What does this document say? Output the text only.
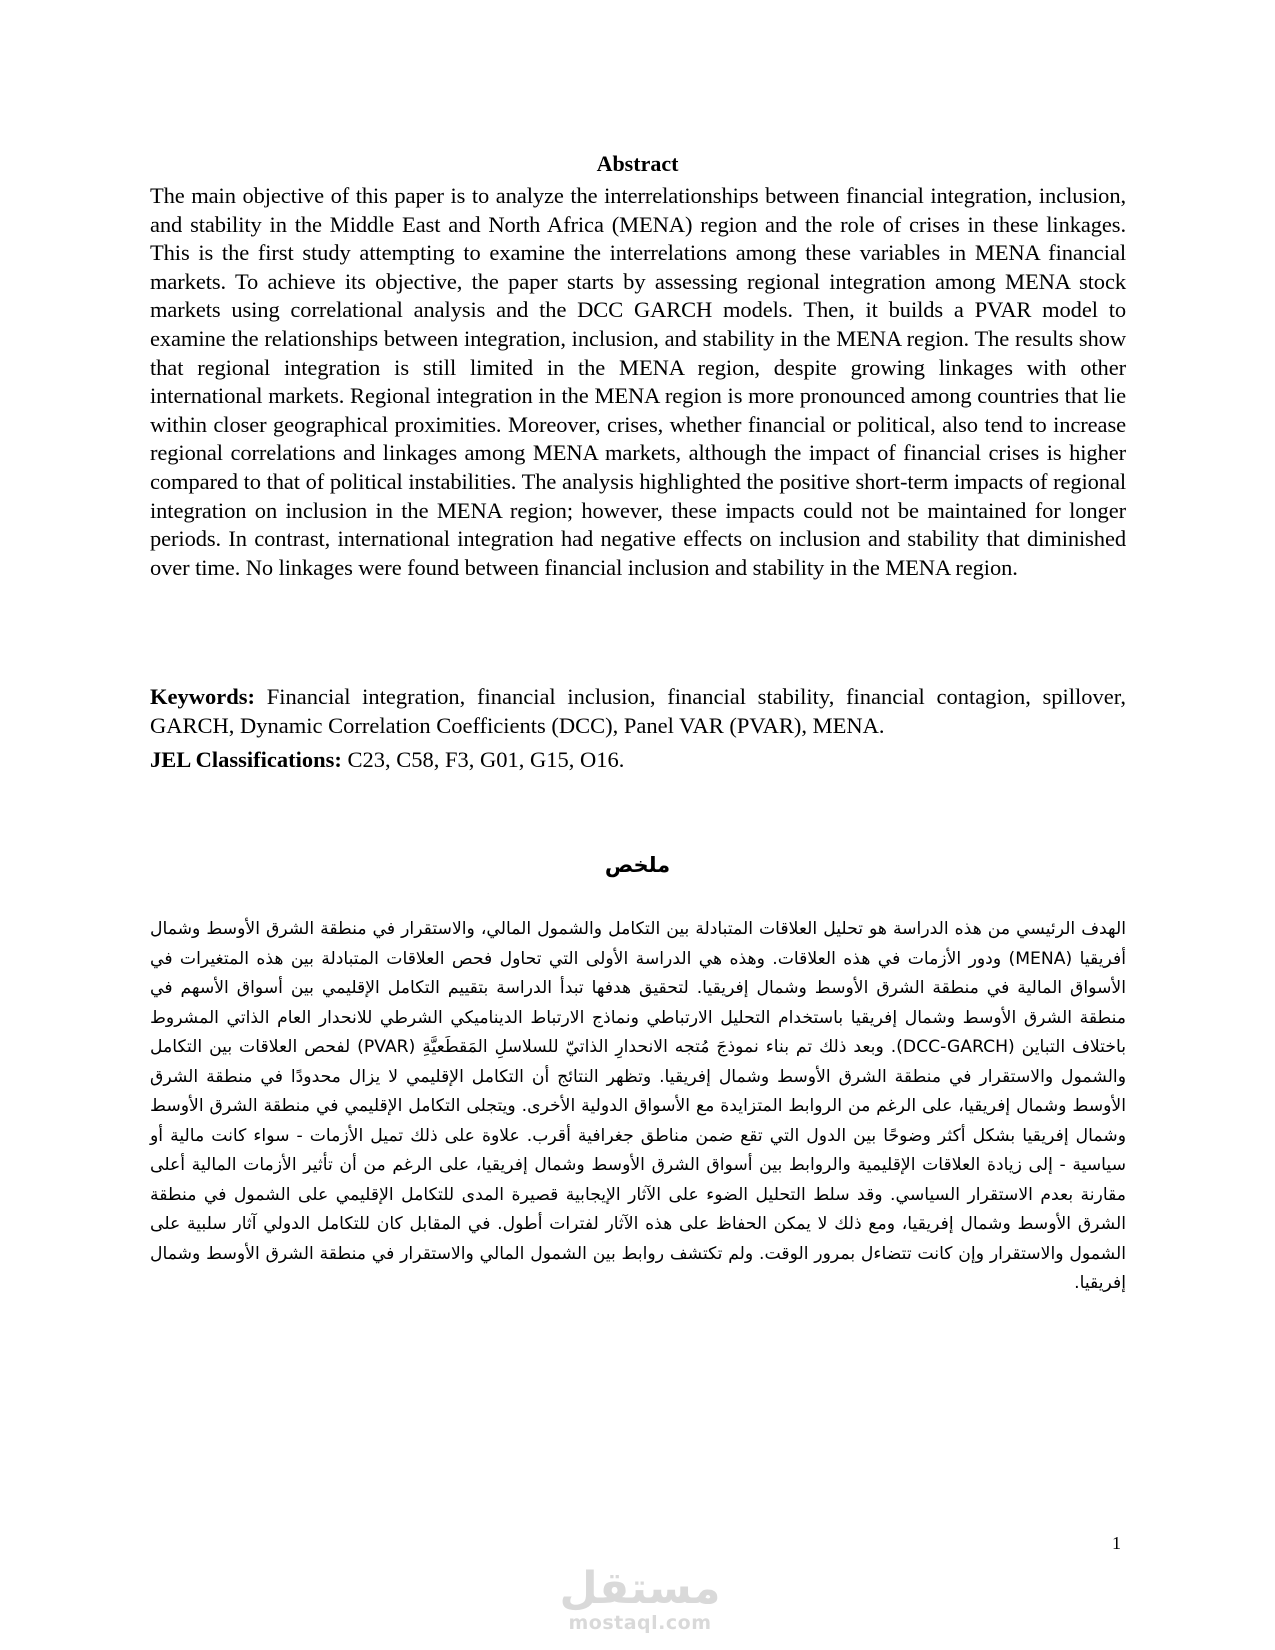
Abstract

The main objective of this paper is to analyze the interrelationships between financial integration, inclusion, and stability in the Middle East and North Africa (MENA) region and the role of crises in these linkages. This is the first study attempting to examine the interrelations among these variables in MENA financial markets. To achieve its objective, the paper starts by assessing regional integration among MENA stock markets using correlational analysis and the DCC GARCH models. Then, it builds a PVAR model to examine the relationships between integration, inclusion, and stability in the MENA region. The results show that regional integration is still limited in the MENA region, despite growing linkages with other international markets. Regional integration in the MENA region is more pronounced among countries that lie within closer geographical proximities. Moreover, crises, whether financial or political, also tend to increase regional correlations and linkages among MENA markets, although the impact of financial crises is higher compared to that of political instabilities. The analysis highlighted the positive short-term impacts of regional integration on inclusion in the MENA region; however, these impacts could not be maintained for longer periods. In contrast, international integration had negative effects on inclusion and stability that diminished over time. No linkages were found between financial inclusion and stability in the MENA region.

Keywords: Financial integration, financial inclusion, financial stability, financial contagion, spillover, GARCH, Dynamic Correlation Coefficients (DCC), Panel VAR (PVAR), MENA.

JEL Classifications: C23, C58, F3, G01, G15, O16.

ملخص

الهدف الرئيسي من هذه الدراسة هو تحليل العلاقات المتبادلة بين التكامل والشمول المالي، والاستقرار في منطقة الشرق الأوسط وشمال أفريقيا (MENA) ودور الأزمات في هذه العلاقات. وهذه هي الدراسة الأولى التي تحاول فحص العلاقات المتبادلة بين هذه المتغيرات في الأسواق المالية في منطقة الشرق الأوسط وشمال إفريقيا. لتحقيق هدفها تبدأ الدراسة بتقييم التكامل الإقليمي بين أسواق الأسهم في منطقة الشرق الأوسط وشمال إفريقيا باستخدام التحليل الارتباطي ونماذج الارتباط الديناميكي الشرطي للانحدار العام الذاتي المشروط باختلاف التباين (DCC-GARCH). وبعد ذلك تم بناء نموذجَ مُتجه الانحدارِ الذاتيّ للسلاسلِ المَقطَعيَّةِ (PVAR) لفحص العلاقات بين التكامل والشمول والاستقرار في منطقة الشرق الأوسط وشمال إفريقيا. وتظهر النتائج أن التكامل الإقليمي لا يزال محدودًا في منطقة الشرق الأوسط وشمال إفريقيا، على الرغم من الروابط المتزايدة مع الأسواق الدولية الأخرى. ويتجلى التكامل الإقليمي في منطقة الشرق الأوسط وشمال إفريقيا بشكل أكثر وضوحًا بين الدول التي تقع ضمن مناطق جغرافية أقرب. علاوة على ذلك تميل الأزمات - سواء كانت مالية أو سياسية - إلى زيادة العلاقات الإقليمية والروابط بين أسواق الشرق الأوسط وشمال إفريقيا، على الرغم من أن تأثير الأزمات المالية أعلى مقارنة بعدم الاستقرار السياسي. وقد سلط التحليل الضوء على الآثار الإيجابية قصيرة المدى للتكامل الإقليمي على الشمول في منطقة الشرق الأوسط وشمال إفريقيا، ومع ذلك لا يمكن الحفاظ على هذه الآثار لفترات أطول. في المقابل كان للتكامل الدولي آثار سلبية على الشمول والاستقرار وإن كانت تتضاءل بمرور الوقت. ولم تكتشف روابط بين الشمول المالي والاستقرار في منطقة الشرق الأوسط وشمال إفريقيا.

1
مستقل
mostaql.com
